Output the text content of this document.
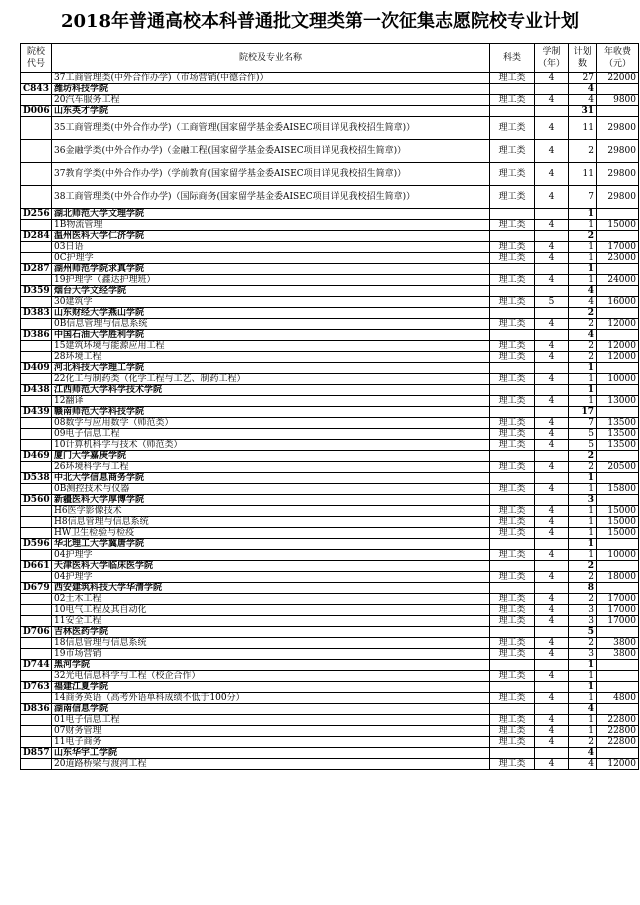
2018年普通高校本科普通批文理类第一次征集志愿院校专业计划
院校代号	院校及专业名称	科类	学制（年）	计划数	年收费（元）
	37工商管理类(中外合作办学)（市场营销(中德合作)）	理工类	4	27	22000
C843	潍坊科技学院			4	
	20汽车服务工程	理工类	4	4	9800
D006	山东英才学院			31	
	35工商管理类(中外合作办学)（工商管理(国家留学基金委AISEC项目详见我校招生简章)）	理工类	4	11	29800
	36金融学类(中外合作办学)（金融工程(国家留学基金委AISEC项目详见我校招生简章)）	理工类	4	2	29800
	37教育学类(中外合作办学)（学前教育(国家留学基金委AISEC项目详见我校招生简章)）	理工类	4	11	29800
	38工商管理类(中外合作办学)（国际商务(国家留学基金委AISEC项目详见我校招生简章)）	理工类	4	7	29800
D256	湖北师范大学文理学院			1	
	1B物流管理	理工类	4	1	15000
D284	温州医科大学仁济学院			2	
	03日语	理工类	4	1	17000
	0C护理学	理工类	4	1	23000
D287	湖州师范学院求真学院			1	
	19护理学（鑫达护理班）	理工类	4	1	24000
D359	烟台大学文经学院			4	
	30建筑学	理工类	5	4	16000
D383	山东财经大学燕山学院			2	
	0B信息管理与信息系统	理工类	4	2	12000
D386	中国石油大学胜利学院			4	
	15建筑环境与能源应用工程	理工类	4	2	12000
	28环境工程	理工类	4	2	12000
D409	河北科技大学理工学院			1	
	22化工与制药类（化学工程与工艺、制药工程）	理工类	4	1	10000
D438	江西师范大学科学技术学院			1	
	12翻译	理工类	4	1	13000
D439	赣南师范大学科技学院			17	
	08数学与应用数学（师范类）	理工类	4	7	13500
	09电子信息工程	理工类	4	5	13500
	10计算机科学与技术（师范类）	理工类	4	5	13500
D469	厦门大学嘉庚学院			2	
	26环境科学与工程	理工类	4	2	20500
D538	中北大学信息商务学院			1	
	0B测控技术与仪器	理工类	4	1	15800
D560	新疆医科大学厚博学院			3	
	H6医学影像技术	理工类	4	1	15000
	H8信息管理与信息系统	理工类	4	1	15000
	HW卫生检验与检疫	理工类	4	1	15000
D596	华北理工大学冀唐学院			1	
	04护理学	理工类	4	1	10000
D661	天津医科大学临床医学院			2	
	04护理学	理工类	4	2	18000
D679	西安建筑科技大学华清学院			8	
	02土木工程	理工类	4	2	17000
	10电气工程及其自动化	理工类	4	3	17000
	11安全工程	理工类	4	3	17000
D706	吉林医药学院			5	
	18信息管理与信息系统	理工类	4	2	3800
	19市场营销	理工类	4	3	3800
D744	黑河学院			1	
	32光电信息科学与工程（校企合作）	理工类	4	1	
D763	福建江夏学院			1	
	14商务英语（高考外语单科成绩不低于100分）	理工类	4	1	4800
D836	湖南信息学院			4	
	01电子信息工程	理工类	4	1	22800
	07财务管理	理工类	4	1	22800
	11电子商务	理工类	4	2	22800
D857	山东华宇工学院			4	
	20道路桥梁与渡河工程	理工类	4	4	12000
